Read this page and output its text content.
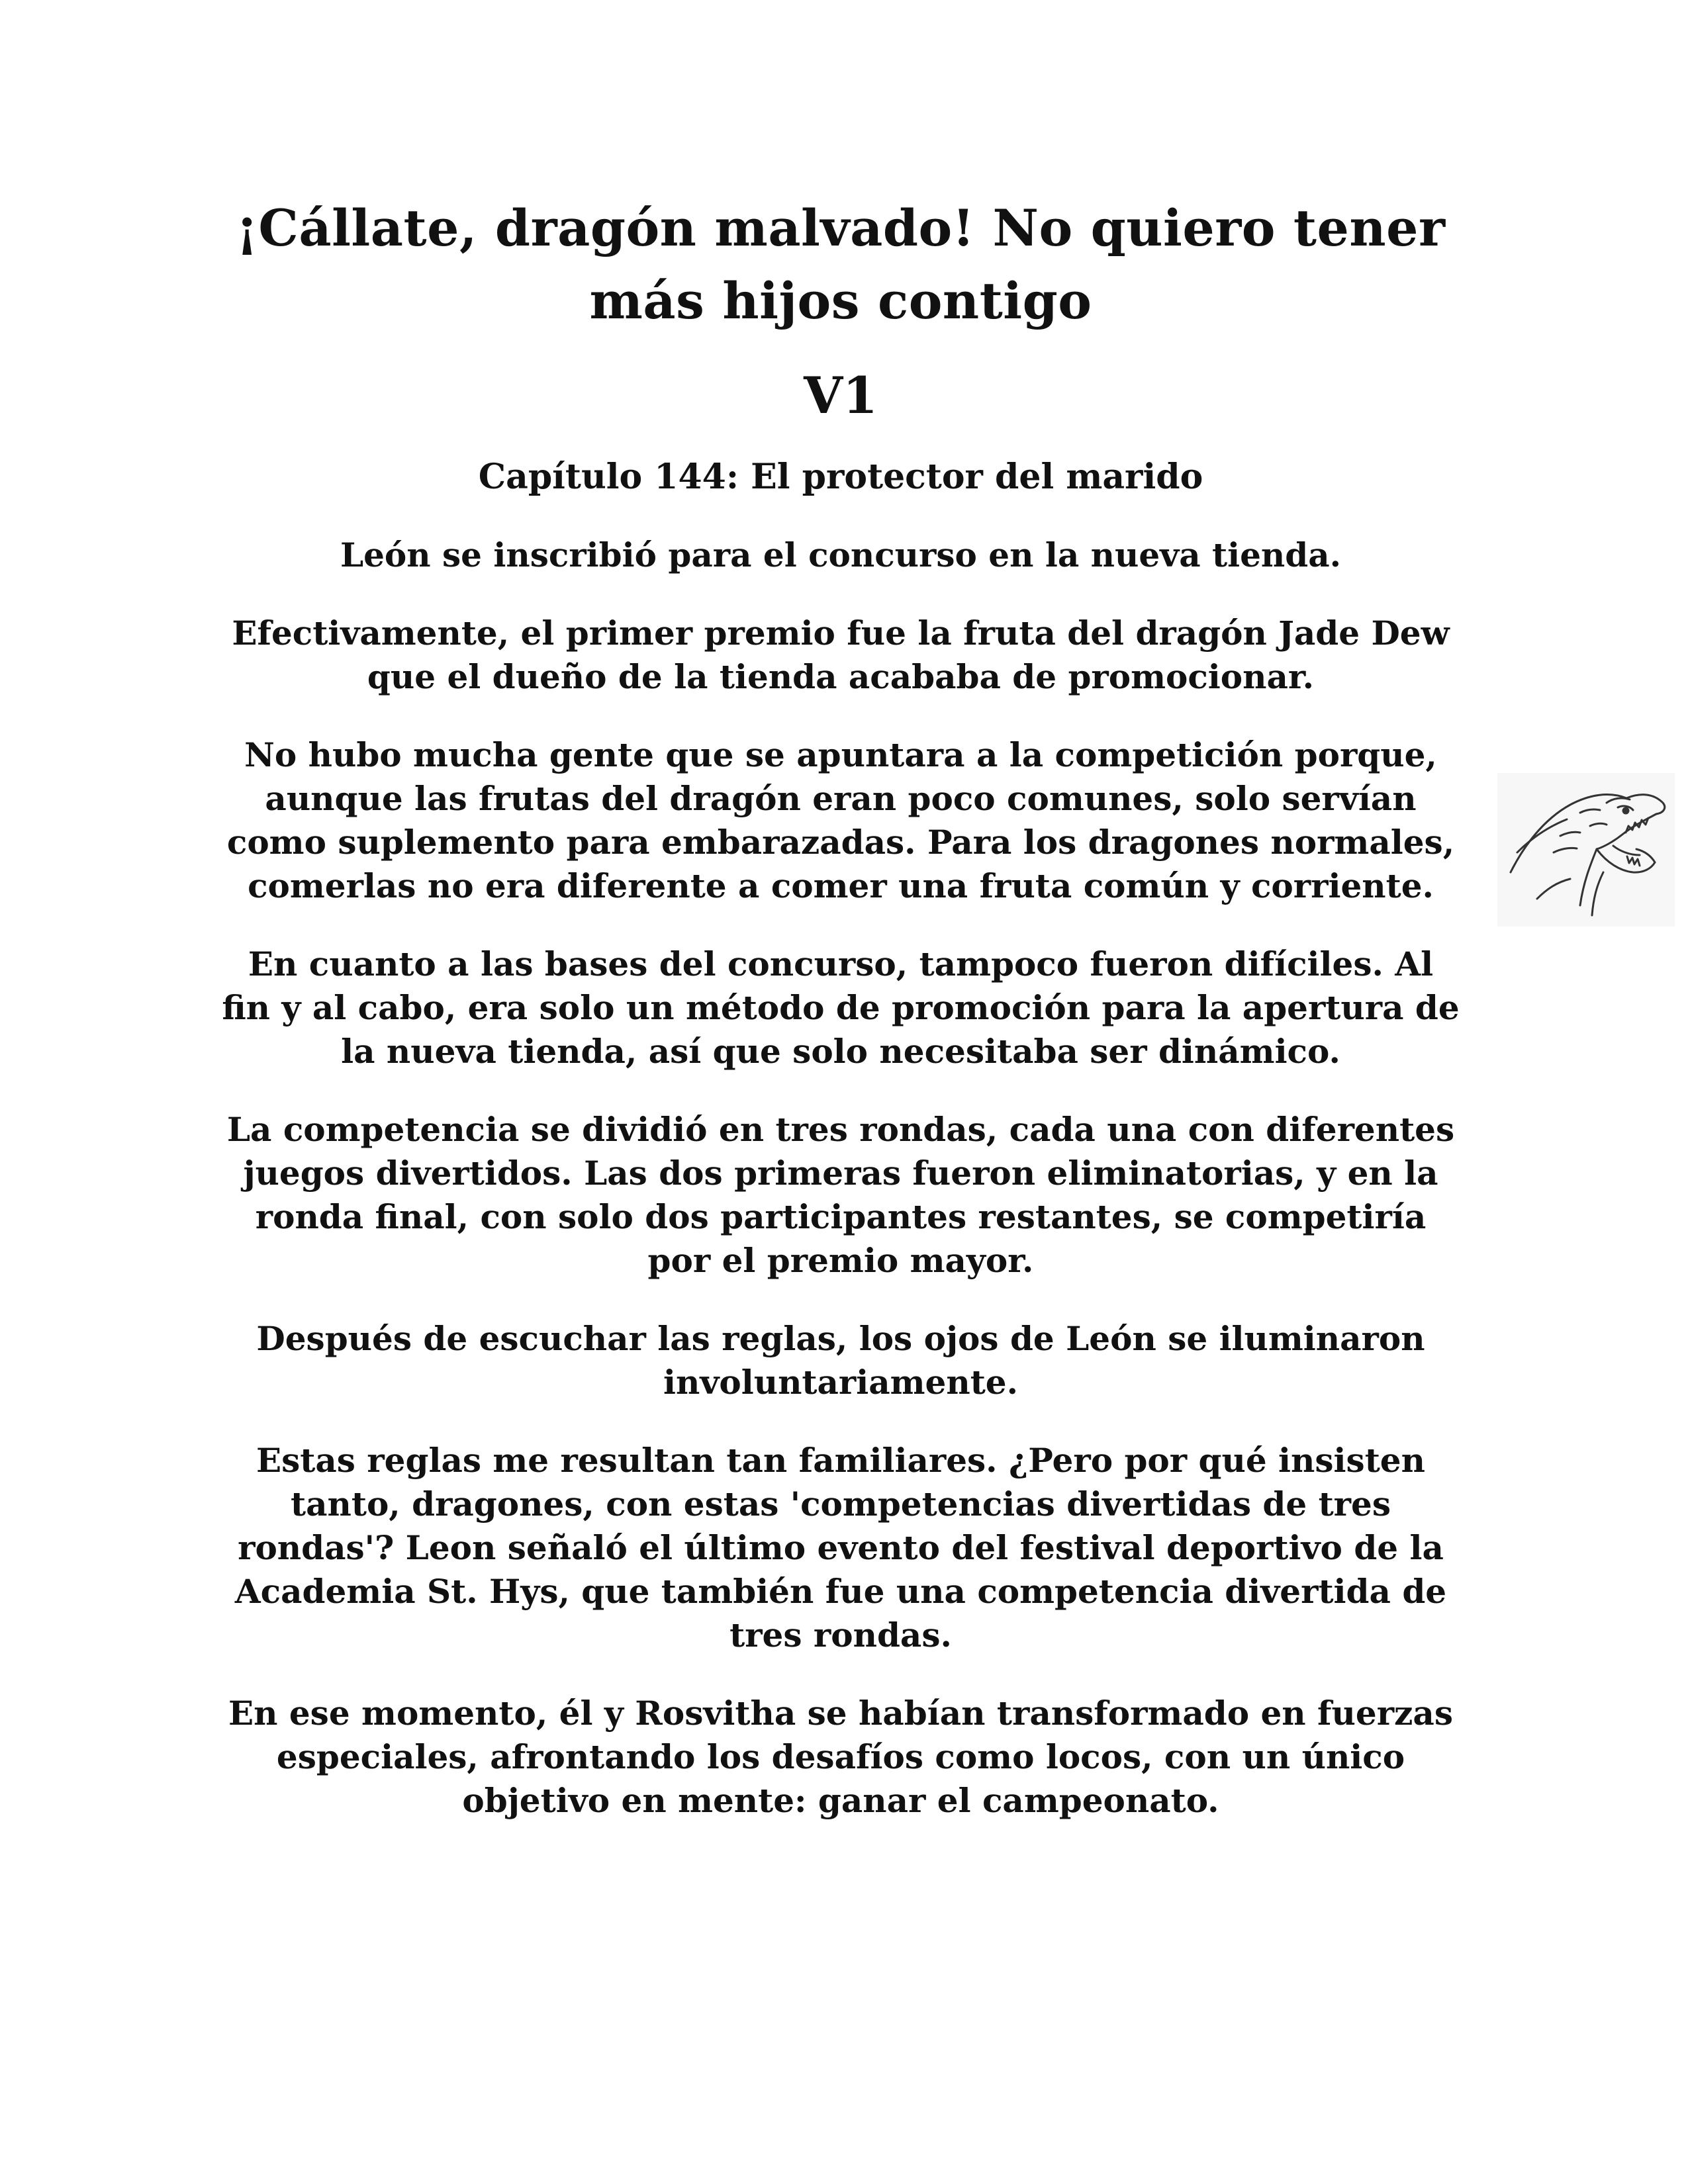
¡Cállate, dragón malvado! No quiero tener más hijos contigo
V1
Capítulo 144: El protector del marido

León se inscribió para el concurso en la nueva tienda.

Efectivamente, el primer premio fue la fruta del dragón Jade Dew que el dueño de la tienda acababa de promocionar.

No hubo mucha gente que se apuntara a la competición porque, aunque las frutas del dragón eran poco comunes, solo servían como suplemento para embarazadas. Para los dragones normales, comerlas no era diferente a comer una fruta común y corriente.

En cuanto a las bases del concurso, tampoco fueron difíciles. Al fin y al cabo, era solo un método de promoción para la apertura de la nueva tienda, así que solo necesitaba ser dinámico.

La competencia se dividió en tres rondas, cada una con diferentes juegos divertidos. Las dos primeras fueron eliminatorias, y en la ronda final, con solo dos participantes restantes, se competiría por el premio mayor.

Después de escuchar las reglas, los ojos de León se iluminaron involuntariamente.

Estas reglas me resultan tan familiares. ¿Pero por qué insisten tanto, dragones, con estas 'competencias divertidas de tres rondas'? Leon señaló el último evento del festival deportivo de la Academia St. Hys, que también fue una competencia divertida de tres rondas.

En ese momento, él y Rosvitha se habían transformado en fuerzas especiales, afrontando los desafíos como locos, con un único objetivo en mente: ganar el campeonato.
